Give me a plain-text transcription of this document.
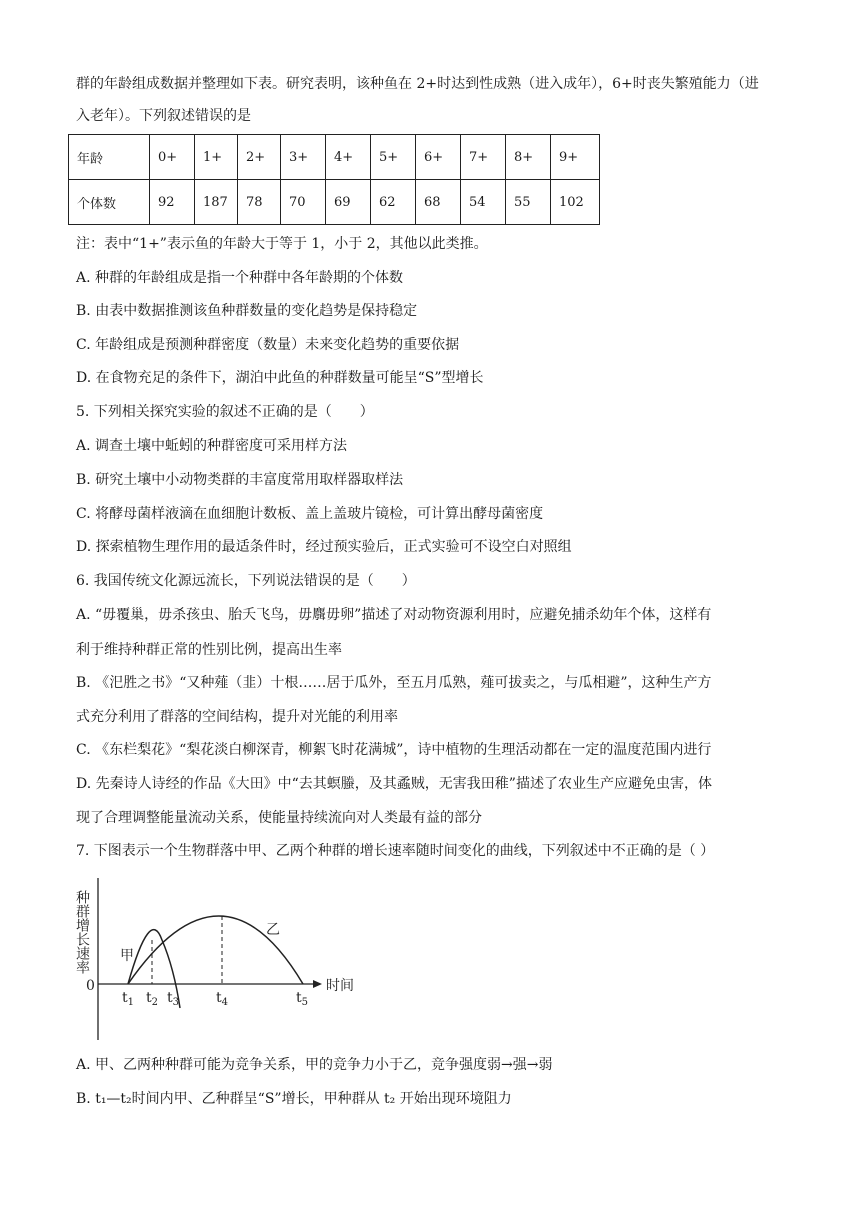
群的年龄组成数据并整理如下表。研究表明，该种鱼在 2+时达到性成熟（进入成年），6+时丧失繁殖能力（进
入老年）。下列叙述错误的是
年龄	0+	1+	2+	3+	4+	5+	6+	7+	8+	9+
个体数	92	187	78	70	69	62	68	54	55	102
注：表中“1+”表示鱼的年龄大于等于 1，小于 2，其他以此类推。
A. 种群的年龄组成是指一个种群中各年龄期的个体数
B. 由表中数据推测该鱼种群数量的变化趋势是保持稳定
C. 年龄组成是预测种群密度（数量）未来变化趋势的重要依据
D. 在食物充足的条件下，湖泊中此鱼的种群数量可能呈“S”型增长
5. 下列相关探究实验的叙述不正确的是（　　）
A. 调查土壤中蚯蚓的种群密度可采用样方法
B. 研究土壤中小动物类群的丰富度常用取样器取样法
C. 将酵母菌样液滴在血细胞计数板、盖上盖玻片镜检，可计算出酵母菌密度
D. 探索植物生理作用的最适条件时，经过预实验后，正式实验可不设空白对照组
6. 我国传统文化源远流长，下列说法错误的是（　　）
A. “毋覆巢，毋杀孩虫、胎夭飞鸟，毋麛毋卵”描述了对动物资源利用时，应避免捕杀幼年个体，这样有
利于维持种群正常的性别比例，提高出生率
B. 《汜胜之书》“又种薤（韭）十根……居于瓜外，至五月瓜熟，薤可拔卖之，与瓜相避”，这种生产方
式充分利用了群落的空间结构，提升对光能的利用率
C. 《东栏梨花》“梨花淡白柳深青，柳絮飞时花满城”，诗中植物的生理活动都在一定的温度范围内进行
D. 先秦诗人诗经的作品《大田》中“去其螟螣，及其蟊贼，无害我田稚”描述了农业生产应避免虫害，体
现了合理调整能量流动关系，使能量持续流向对人类最有益的部分
7. 下图表示一个生物群落中甲、乙两个种群的增长速率随时间变化的曲线，下列叙述中不正确的是（ ）
种群增长速率
时间
0
甲
乙
$t_1$ $t_2$ $t_3$	$t_4$	$t_5$
A. 甲、乙两种种群可能为竞争关系，甲的竞争力小于乙，竞争强度弱→强→弱
B. t₁—t₂时间内甲、乙种群呈“S”增长，甲种群从 t₂ 开始出现环境阻力
